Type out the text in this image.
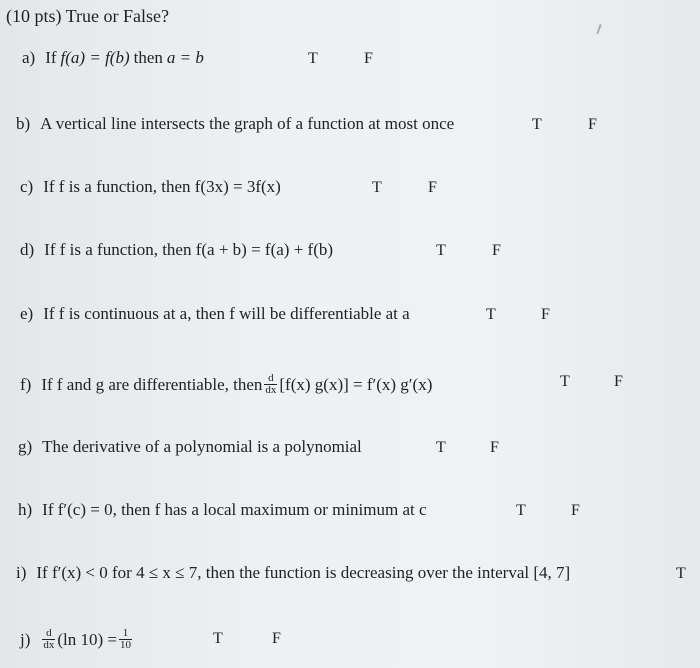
(10 pts) True or False?
a) If f(a) = f(b) then a = b	T	F
b) A vertical line intersects the graph of a function at most once	T	F
c) If f is a function, then f(3x) = 3f(x)	T	F
d) If f is a function, then f(a + b) = f(a) + f(b)	T	F
e) If f is continuous at a, then f will be differentiable at a	T	F
f) If f and g are differentiable, then $\frac{d}{dx} [f(x) g(x)] = f'(x)$ g′(x)	T	F
g) The derivative of a polynomial is a polynomial	T	F
h) If f′(c) = 0, then f has a local maximum or minimum at c	T	F
i) If f′(x) < 0 for 4 ≤ x ≤ 7, then the function is decreasing over the interval [4, 7]	T
$j) \frac{d}{dx} (\ln$ $10) = \frac{1}{10}$	T	F
